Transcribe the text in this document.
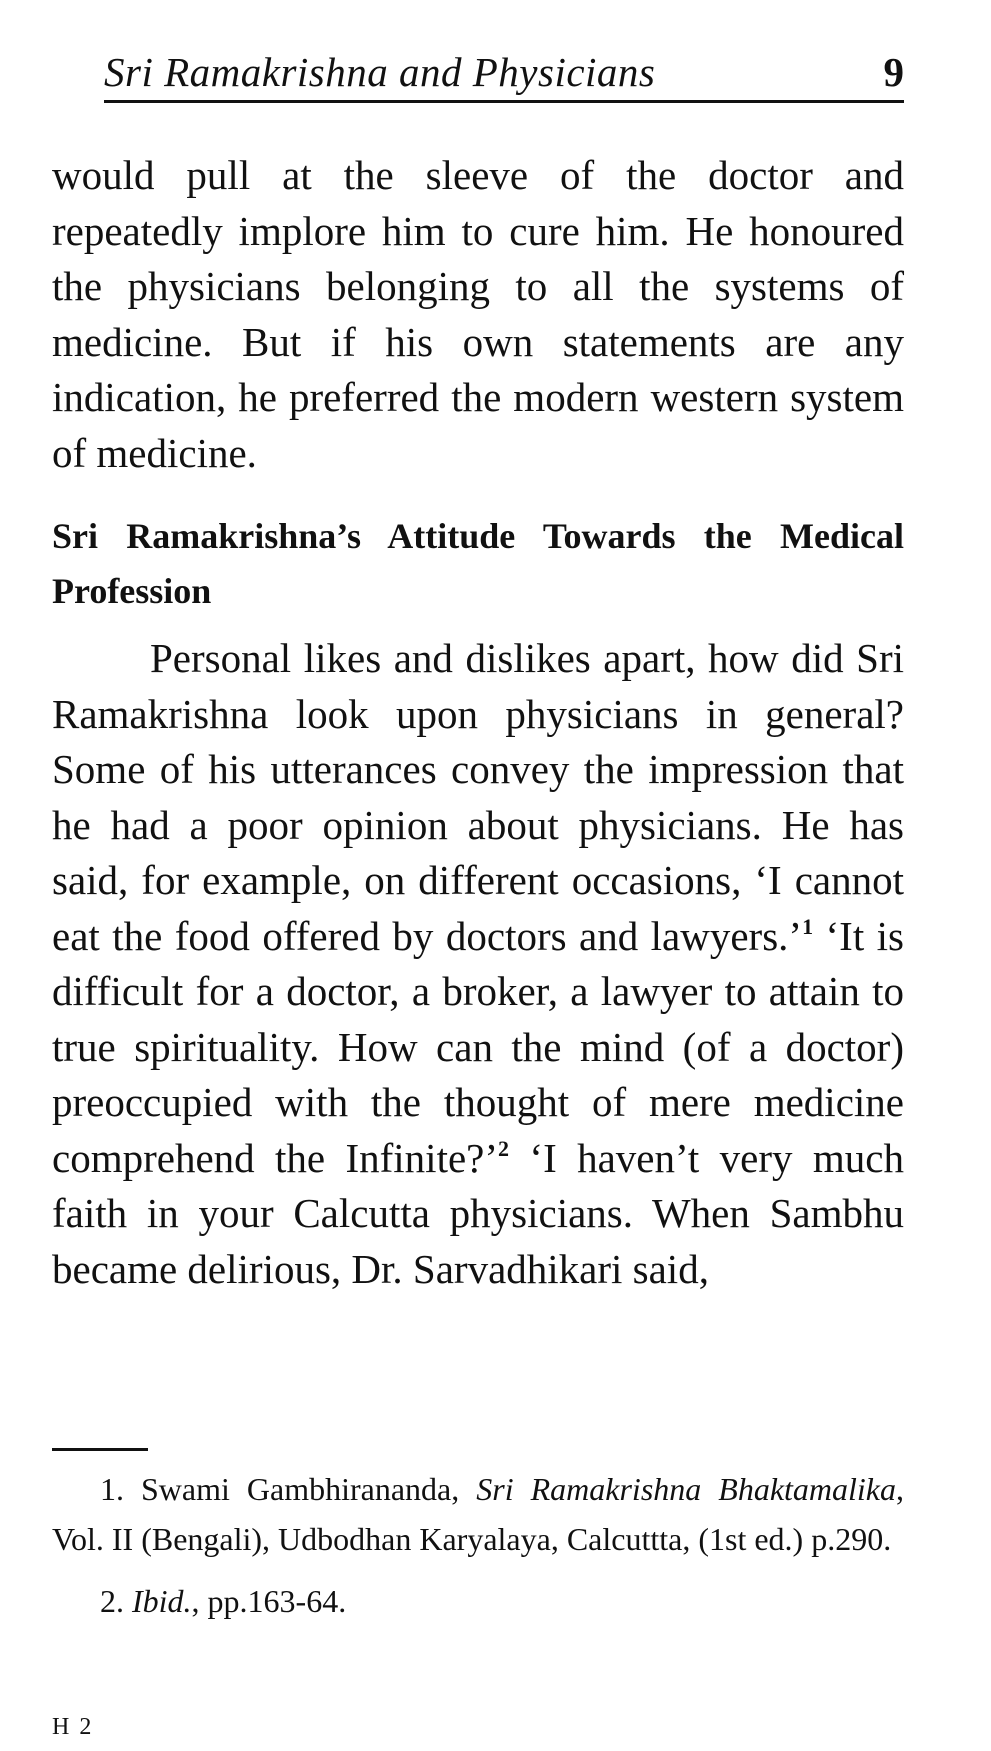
Sri Ramakrishna and Physicians	9

would pull at the sleeve of the doctor and repeatedly implore him to cure him. He honoured the physicians belonging to all the systems of medicine. But if his own statements are any indication, he preferred the modern western system of medicine.

Sri Ramakrishna’s Attitude Towards the Medical Profession

Personal likes and dislikes apart, how did Sri Ramakrishna look upon physicians in general? Some of his utterances convey the impression that he had a poor opinion about physicians. He has said, for example, on different occasions, ‘I cannot eat the food offered by doctors and lawyers.’$^1$ ‘It is difficult for a doctor, a broker, a lawyer to attain to true spirituality. How can the mind (of a doctor) preoccupied with the thought of mere medicine comprehend the Infinite?’$^2$ ‘I haven’t very much faith in your Calcutta physicians. When Sambhu became delirious, Dr. Sarvadhikari said,

1. Swami Gambhirananda, Sri Ramakrishna Bhaktamalika, Vol. II (Bengali), Udbodhan Karyalaya, Calcuttta, (1st ed.) p.290.

2. Ibid., pp.163-64.

H 2
